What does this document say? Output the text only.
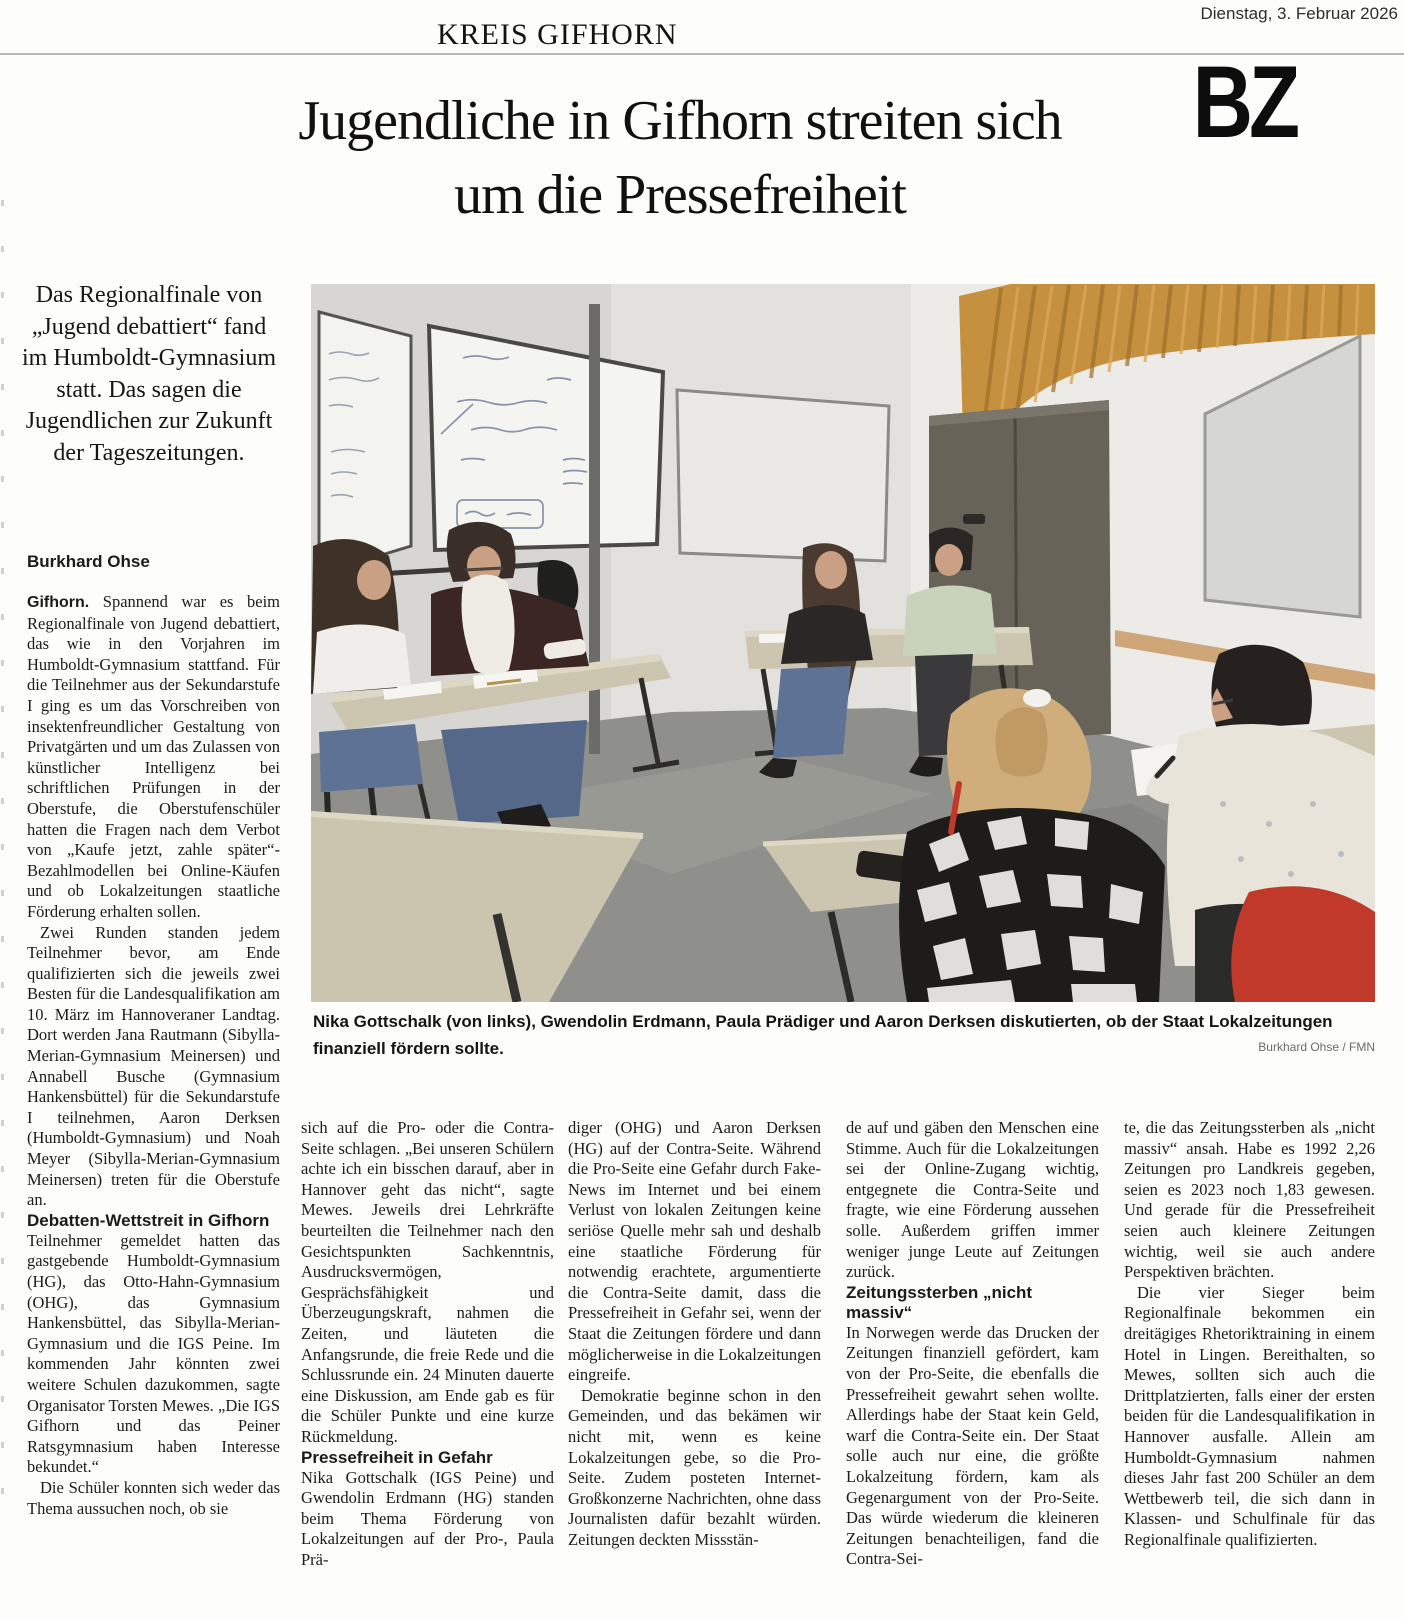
Dienstag, 3. Februar 2026
KREIS GIFHORN
BZ
Jugendliche in Gifhorn streiten sich
um die Pressefreiheit
Das Regionalfinale von „Jugend debattiert“ fand im Humboldt-Gymnasium statt. Das sagen die Jugendlichen zur Zukunft der Tageszeitungen.
Burkhard Ohse
Nika Gottschalk (von links), Gwendolin Erdmann, Paula Prädiger und Aaron Derksen diskutierten, ob der Staat Lokalzeitungen finanziell fördern sollte.	Burkhard Ohse / FMN

Gifhorn. Spannend war es beim Regionalfinale von Jugend debattiert, das wie in den Vorjahren im Humboldt-Gymnasium stattfand. Für die Teilnehmer aus der Sekundarstufe I ging es um das Vorschreiben von insektenfreundlicher Gestaltung von Privatgärten und um das Zulassen von künstlicher Intelligenz bei schriftlichen Prüfungen in der Oberstufe, die Oberstufenschüler hatten die Fragen nach dem Verbot von „Kaufe jetzt, zahle später“-Bezahlmodellen bei Online-Käufen und ob Lokalzeitungen staatliche Förderung erhalten sollen.

Zwei Runden standen jedem Teilnehmer bevor, am Ende qualifizierten sich die jeweils zwei Besten für die Landesqualifikation am 10. März im Hannoveraner Landtag. Dort werden Jana Rautmann (Sibylla-Merian-Gymnasium Meinersen) und Annabell Busche (Gymnasium Hankensbüttel) für die Sekundarstufe I teilnehmen, Aaron Derksen (Humboldt-Gymnasium) und Noah Meyer (Sibylla-Merian-Gymnasium Meinersen) treten für die Oberstufe an.

Debatten-Wettstreit in Gifhorn

Teilnehmer gemeldet hatten das gastgebende Humboldt-Gymnasium (HG), das Otto-Hahn-Gymnasium (OHG), das Gymnasium Hankensbüttel, das Sibylla-Merian-Gymnasium und die IGS Peine. Im kommenden Jahr könnten zwei weitere Schulen dazukommen, sagte Organisator Torsten Mewes. „Die IGS Gifhorn und das Peiner Ratsgymnasium haben Interesse bekundet.“

Die Schüler konnten sich weder das Thema aussuchen noch, ob sie

sich auf die Pro- oder die Contra-Seite schlagen. „Bei unseren Schülern achte ich ein bisschen darauf, aber in Hannover geht das nicht“, sagte Mewes. Jeweils drei Lehrkräfte beurteilten die Teilnehmer nach den Gesichtspunkten Sachkenntnis, Ausdrucksvermögen, Gesprächsfähigkeit und Überzeugungskraft, nahmen die Zeiten, und läuteten die Anfangsrunde, die freie Rede und die Schlussrunde ein. 24 Minuten dauerte eine Diskussion, am Ende gab es für die Schüler Punkte und eine kurze Rückmeldung.

Pressefreiheit in Gefahr

Nika Gottschalk (IGS Peine) und Gwendolin Erdmann (HG) standen beim Thema Förderung von Lokalzeitungen auf der Pro-, Paula Prä-

diger (OHG) und Aaron Derksen (HG) auf der Contra-Seite. Während die Pro-Seite eine Gefahr durch Fake-News im Internet und bei einem Verlust von lokalen Zeitungen keine seriöse Quelle mehr sah und deshalb eine staatliche Förderung für notwendig erachtete, argumentierte die Contra-Seite damit, dass die Pressefreiheit in Gefahr sei, wenn der Staat die Zeitungen fördere und dann möglicherweise in die Lokalzeitungen eingreife.

Demokratie beginne schon in den Gemeinden, und das bekämen wir nicht mit, wenn es keine Lokalzeitungen gebe, so die Pro-Seite. Zudem posteten Internet-Großkonzerne Nachrichten, ohne dass Journalisten dafür bezahlt würden. Zeitungen deckten Missstän-

de auf und gäben den Menschen eine Stimme. Auch für die Lokalzeitungen sei der Online-Zugang wichtig, entgegnete die Contra-Seite und fragte, wie eine Förderung aussehen solle. Außerdem griffen immer weniger junge Leute auf Zeitungen zurück.

Zeitungssterben „nicht massiv“

In Norwegen werde das Drucken der Zeitungen finanziell gefördert, kam von der Pro-Seite, die ebenfalls die Pressefreiheit gewahrt sehen wollte. Allerdings habe der Staat kein Geld, warf die Contra-Seite ein. Der Staat solle auch nur eine, die größte Lokalzeitung fördern, kam als Gegenargument von der Pro-Seite. Das würde wiederum die kleineren Zeitungen benachteiligen, fand die Contra-Sei-

te, die das Zeitungssterben als „nicht massiv“ ansah. Habe es 1992 2,26 Zeitungen pro Landkreis gegeben, seien es 2023 noch 1,83 gewesen. Und gerade für die Pressefreiheit seien auch kleinere Zeitungen wichtig, weil sie auch andere Perspektiven brächten.

Die vier Sieger beim Regionalfinale bekommen ein dreitägiges Rhetoriktraining in einem Hotel in Lingen. Bereithalten, so Mewes, sollten sich auch die Drittplatzierten, falls einer der ersten beiden für die Landesqualifikation in Hannover ausfalle. Allein am Humboldt-Gymnasium nahmen dieses Jahr fast 200 Schüler an dem Wettbewerb teil, die sich dann in Klassen- und Schulfinale für das Regionalfinale qualifizierten.
